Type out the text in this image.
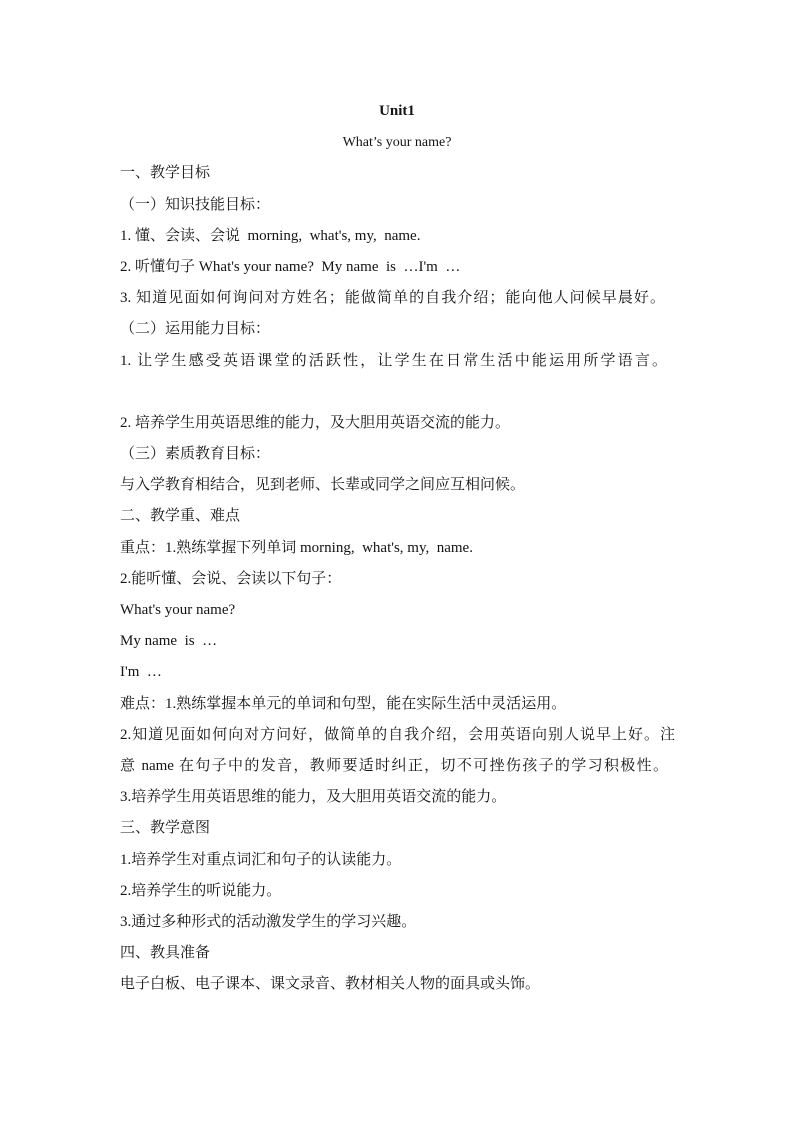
Unit1
What’s your name?
一、教学目标
（一）知识技能目标：
1. 懂、会读、会说  morning,  what's, my,  name.
2. 听懂句子 What's your name?  My name  is  …I'm  …
3. 知道见面如何询问对方姓名；能做简单的自我介绍；能向他人问候早晨好。
（二）运用能力目标：
1. 让学生感受英语课堂的活跃性，让学生在日常生活中能运用所学语言。
2. 培养学生用英语思维的能力，及大胆用英语交流的能力。
（三）素质教育目标：
与入学教育相结合，见到老师、长辈或同学之间应互相问候。
二、教学重、难点
重点：1.熟练掌握下列单词 morning,  what's, my,  name.
2.能听懂、会说、会读以下句子：
What's your name?
My name  is  …
I'm  …
难点：1.熟练掌握本单元的单词和句型，能在实际生活中灵活运用。
2.知道见面如何向对方问好，做简单的自我介绍，会用英语向别人说早上好。注
意 name 在句子中的发音，教师要适时纠正，切不可挫伤孩子的学习积极性。
3.培养学生用英语思维的能力，及大胆用英语交流的能力。
三、教学意图
1.培养学生对重点词汇和句子的认读能力。
2.培养学生的听说能力。
3.通过多种形式的活动激发学生的学习兴趣。
四、教具准备
电子白板、电子课本、课文录音、教材相关人物的面具或头饰。
